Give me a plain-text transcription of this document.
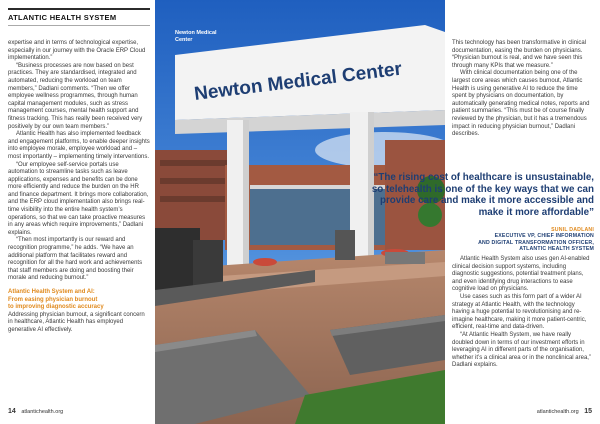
ATLANTIC HEALTH SYSTEM

expertise and in terms of technological expertise, especially in our journey with the Oracle ERP Cloud implementation.”

“Business processes are now based on best practices. They are standardised, integrated and automated, reducing the workload on team members,” Dadlani comments. “Then we offer employee wellness programmes, through human capital management modules, such as stress management courses, mental health support and fitness tracking. This has really been received very positively by our own team members.”

Atlantic Health has also implemented feedback and engagement platforms, to enable deeper insights into employee morale, employee workload and – most importantly – implementing timely interventions.

“Our employee self-service portals use automation to streamline tasks such as leave applications, expenses and benefits can be done more efficiently and reduce the burden on the HR and finance department. It brings more collaboration, and the ERP cloud implementation also brings real-time visibility into the entire health system’s operations, so that we can take proactive measures in any areas which require improvements,” Dadlani explains.

“Then most importantly is our reward and recognition programme,” he adds. “We have an additional platform that facilitates reward and recognition for all the hard work and achievements that staff members are doing and boosting their morale and reducing burnout.”

Atlantic Health System and AI:
From easing physician burnout
to improving diagnostic accuracy

Addressing physician burnout, a significant concern in healthcare, Atlantic Health has employed generative AI effectively.

Newton Medical Center
Newton Medical
Center

This technology has been transformative in clinical documentation, easing the burden on physicians. “Physician burnout is real, and we have seen this through many KPIs that we measure.”

With clinical documentation being one of the largest core areas which causes burnout, Atlantic Health is using generative AI to reduce the time spent by physicians on documentation, by automatically generating medical notes, reports and patient summaries. “This must be of course finally reviewed by the physician, but it has a tremendous impact in reducing physician burnout,” Dadlani describes.

“The rising cost of healthcare is unsustainable, so telehealth is one of the key ways that we can provide care and make it more accessible and make it more affordable”
SUNIL DADLANI
EXECUTIVE VP, CHIEF INFORMATION
AND DIGITAL TRANSFORMATION OFFICER,
ATLANTIC HEALTH SYSTEM

Atlantic Health System also uses gen AI-enabled clinical decision support systems, including diagnostic suggestions, potential treatment plans, and even identifying drug interactions to ease cognitive load on physicians.

Use cases such as this form part of a wider AI strategy at Atlantic Health, with the technology having a huge potential to revolutionising and re-imagine healthcare, making it more patient-centric, efficient, real-time and data-driven.

“At Atlantic Health System, we have really doubled down in terms of our investment efforts in leveraging AI in different parts of the organisation, whether it’s a clinical area or in the nonclinical area,” Dadlani explains.

14 atlantichealth.org	atlantichealth.org 15
